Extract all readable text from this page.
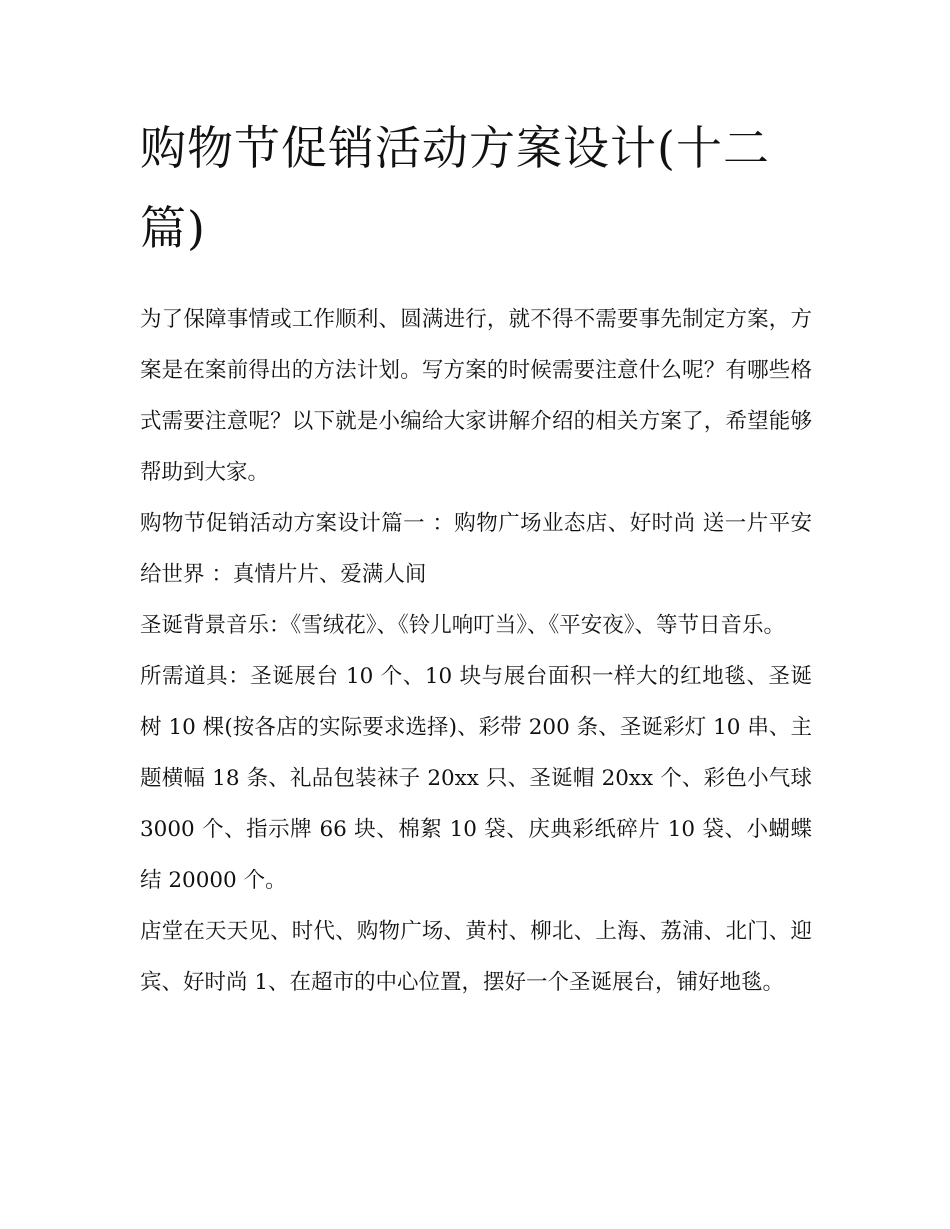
购物节促销活动方案设计(十二篇)

为了保障事情或工作顺利、圆满进行，就不得不需要事先制定方案，方案是在案前得出的方法计划。写方案的时候需要注意什么呢？有哪些格式需要注意呢？以下就是小编给大家讲解介绍的相关方案了，希望能够帮助到大家。

购物节促销活动方案设计篇一 ：购物广场业态店、好时尚 送一片平安给世界 ：真情片片、爱满人间

圣诞背景音乐：《雪绒花》、《铃儿响叮当》、《平安夜》、等节日音乐。

所需道具：圣诞展台 10 个、10 块与展台面积一样大的红地毯、圣诞树 10 棵(按各店的实际要求选择)、彩带 200 条、圣诞彩灯 10 串、主题横幅 18 条、礼品包装袜子 20xx 只、圣诞帽 20xx 个、彩色小气球 3000 个、指示牌 66 块、棉絮 10 袋、庆典彩纸碎片 10 袋、小蝴蝶结 20000 个。

店堂在天天见、时代、购物广场、黄村、柳北、上海、荔浦、北门、迎宾、好时尚 1、在超市的中心位置，摆好一个圣诞展台，铺好地毯。
